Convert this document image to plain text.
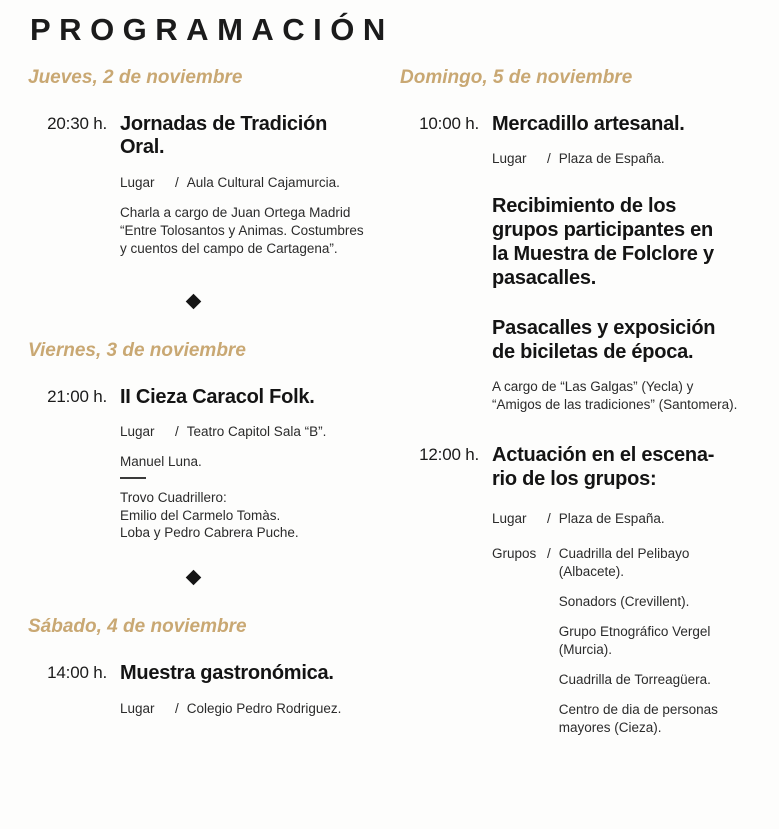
PROGRAMACIÓN
Jueves, 2 de noviembre
20:30 h. Jornadas de Tradición
Oral.
Lugar	/ Aula Cultural Cajamurcia.
Charla a cargo de Juan Ortega Madrid
“Entre Tolosantos y Animas. Costumbres
y cuentos del campo de Cartagena”.
Viernes, 3 de noviembre
21:00 h. II Cieza Caracol Folk.
Lugar	/ Teatro Capitol Sala “B”.
Manuel Luna.
Trovo Cuadrillero:
Emilio del Carmelo Tomàs.
Loba y Pedro Cabrera Puche.
Sábado, 4 de noviembre
14:00 h. Muestra gastronómica.
Lugar	/ Colegio Pedro Rodriguez.
Domingo, 5 de noviembre
10:00 h. Mercadillo artesanal.
Lugar	/ Plaza de España.
Recibimiento de los
grupos participantes en
la Muestra de Folclore y
pasacalles.
Pasacalles y exposición
de biciletas de época.
A cargo de “Las Galgas” (Yecla) y
“Amigos de las tradiciones” (Santomera).
12:00 h. Actuación en el escena-
rio de los grupos:
Lugar	/ Plaza de España.
Grupos / Cuadrilla del Pelibayo
(Albacete).
Sonadors (Crevillent).
Grupo Etnográfico Vergel
(Murcia).
Cuadrilla de Torreagüera.
Centro de dia de personas
mayores (Cieza).
